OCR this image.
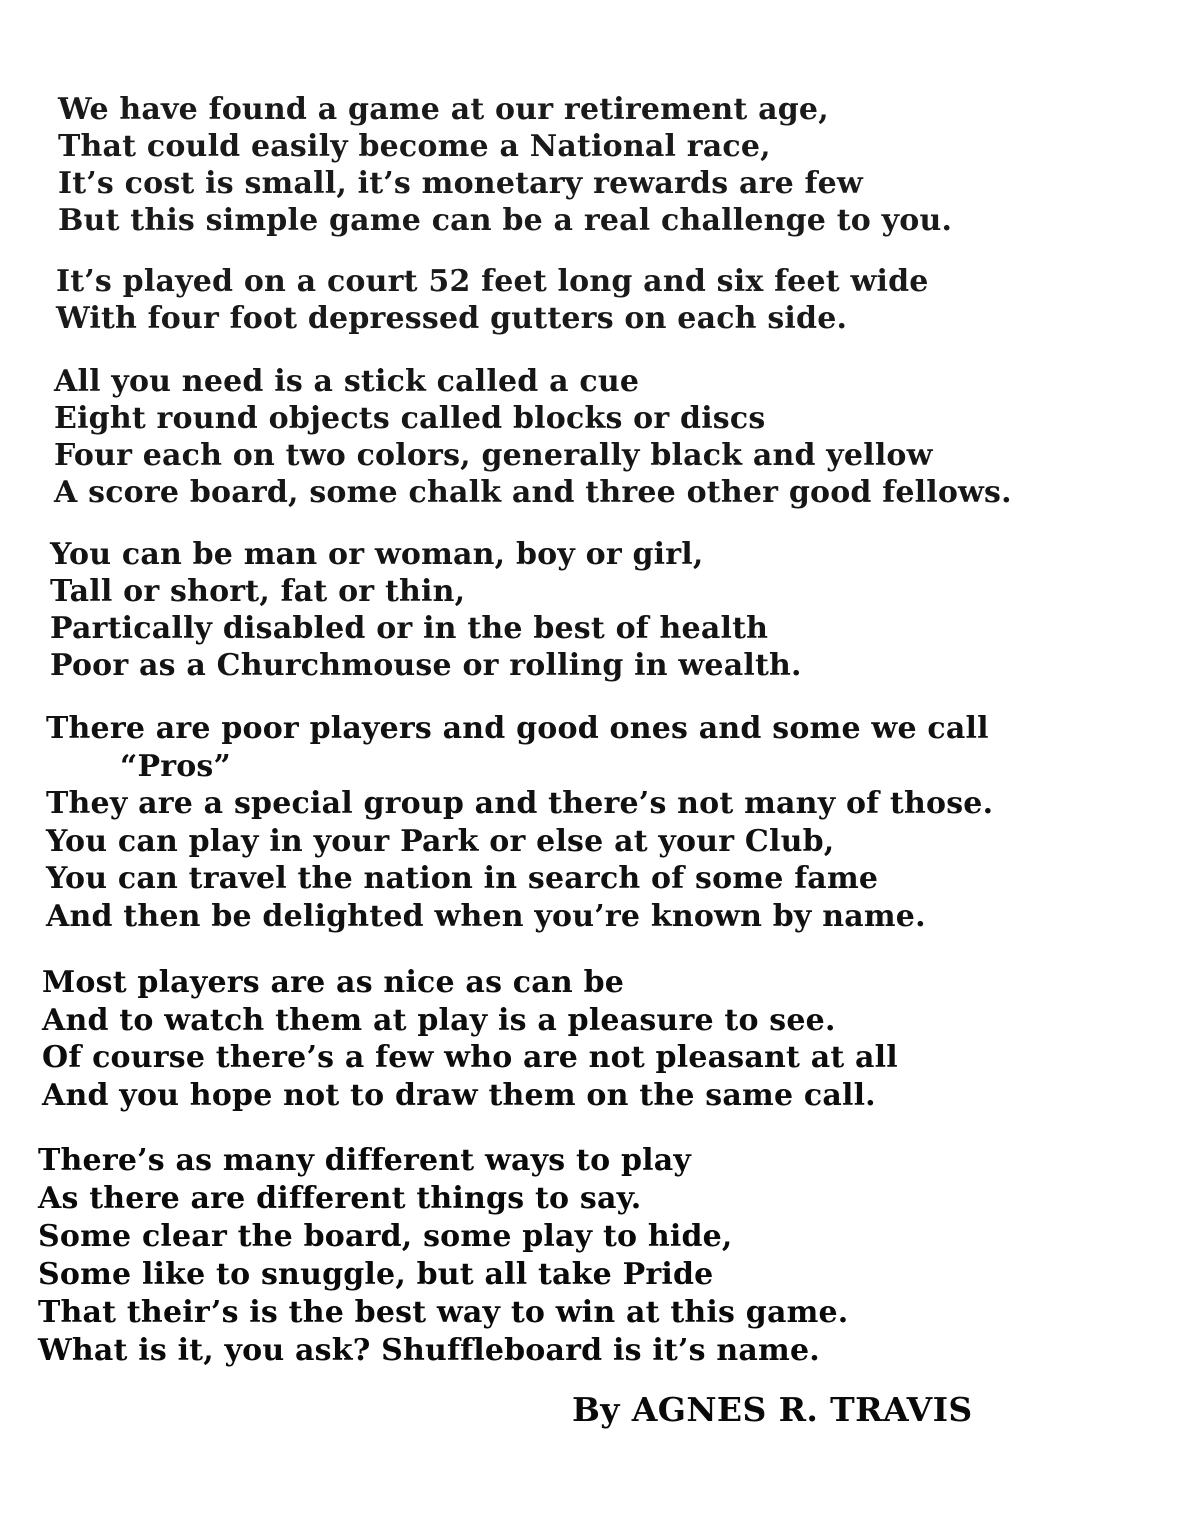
We have found a game at our retirement age,
That could easily become a National race,
It’s cost is small, it’s monetary rewards are few
But this simple game can be a real challenge to you.
It’s played on a court 52 feet long and six feet wide
With four foot depressed gutters on each side.
All you need is a stick called a cue
Eight round objects called blocks or discs
Four each on two colors, generally black and yellow
A score board, some chalk and three other good fellows.
You can be man or woman, boy or girl,
Tall or short, fat or thin,
Partically disabled or in the best of health
Poor as a Churchmouse or rolling in wealth.
There are poor players and good ones and some we call
“Pros”
They are a special group and there’s not many of those.
You can play in your Park or else at your Club,
You can travel the nation in search of some fame
And then be delighted when you’re known by name.
Most players are as nice as can be
And to watch them at play is a pleasure to see.
Of course there’s a few who are not pleasant at all
And you hope not to draw them on the same call.
There’s as many different ways to play
As there are different things to say.
Some clear the board, some play to hide,
Some like to snuggle, but all take Pride
That their’s is the best way to win at this game.
What is it, you ask? Shuffleboard is it’s name.
By AGNES R. TRAVIS
